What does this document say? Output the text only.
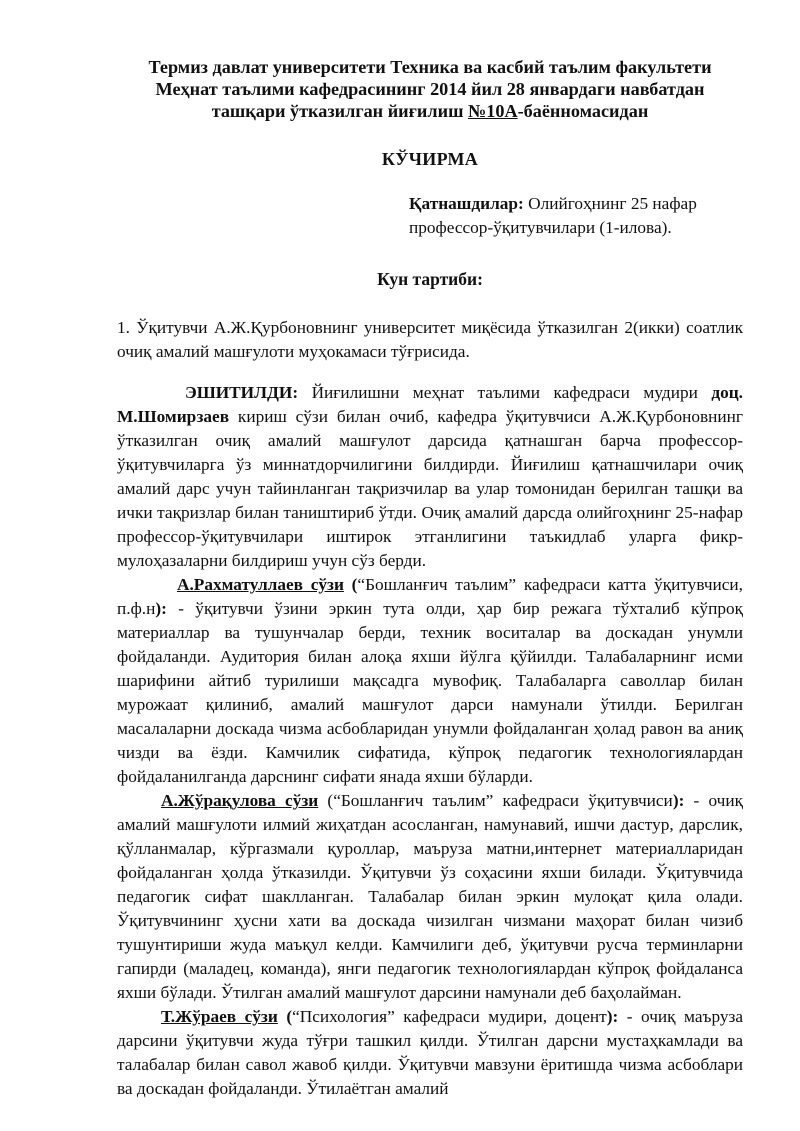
Термиз давлат университети Техника ва касбий таълим факультети
Меҳнат таълими кафедрасининг 2014 йил 28 январдаги навбатдан
ташқари ўтказилган йиғилиш №10А-баённомасидан
КЎЧИРМА
Қатнашдилар: Олийгоҳнинг 25 нафар профессор-ўқитувчилари (1-илова).
Кун тартиби:

1. Ўқитувчи А.Ж.Қурбоновнинг университет миқёсида ўтказилган 2(икки) соатлик очиқ амалий машғулоти муҳокамаси тўғрисида.

ЭШИТИЛДИ: Йиғилишни меҳнат таълими кафедраси мудири доц. М.Шомирзаев кириш сўзи билан очиб, кафедра ўқитувчиси А.Ж.Қурбоновнинг ўтказилган очиқ амалий машғулот дарсида қатнашган барча профессор-ўқитувчиларга ўз миннатдорчилигини билдирди. Йиғилиш қатнашчилари очиқ амалий дарс учун тайинланган тақризчилар ва улар томонидан берилган ташқи ва ички тақризлар билан таништириб ўтди. Очиқ амалий дарсда олийгоҳнинг 25-нафар профессор-ўқитувчилари иштирок этганлигини таъкидлаб уларга фикр-мулоҳазаларни билдириш учун сўз берди.

А.Рахматуллаев сўзи (“Бошланғич таълим” кафедраси катта ўқитувчиси, п.ф.н): - ўқитувчи ўзини эркин тута олди, ҳар бир режага тўхталиб кўпроқ материаллар ва тушунчалар берди, техник воситалар ва доскадан унумли фойдаланди. Аудитория билан алоқа яхши йўлга қўйилди. Талабаларнинг исми шарифини айтиб турилиши мақсадга мувофиқ. Талабаларга саволлар билан мурожаат қилиниб, амалий машғулот дарси намунали ўтилди. Берилган масалаларни доскада чизма асбобларидан унумли фойдаланган ҳолад равон ва аниқ чизди ва ёзди. Камчилик сифатида, кўпроқ педагогик технологиялардан фойдаланилганда дарснинг сифати янада яхши бўларди.

А.Жўрақулова сўзи (“Бошланғич таълим” кафедраси ўқитувчиси): - очиқ амалий машғулоти илмий жиҳатдан асосланган, намунавий, ишчи дастур, дарслик, қўлланмалар, кўргазмали қуроллар, маъруза матни,интернет материалларидан фойдаланган ҳолда ўтказилди. Ўқитувчи ўз соҳасини яхши билади. Ўқитувчида педагогик сифат шаклланган. Талабалар билан эркин мулоқат қила олади. Ўқитувчининг ҳусни хати ва доскада чизилган чизмани маҳорат билан чизиб тушунтириши жуда маъқул келди. Камчилиги деб, ўқитувчи русча терминларни гапирди (маладец, команда), янги педагогик технологиялардан кўпроқ фойдаланса яхши бўлади. Ўтилган амалий машғулот дарсини намунали деб баҳолайман.

Т.Жўраев сўзи (“Психология” кафедраси мудири, доцент): - очиқ маъруза дарсини ўқитувчи жуда тўғри ташкил қилди. Ўтилган дарсни мустаҳкамлади ва талабалар билан савол жавоб қилди. Ўқитувчи мавзуни ёритишда чизма асбоблари ва доскадан фойдаланди. Ўтилаётган амалий
